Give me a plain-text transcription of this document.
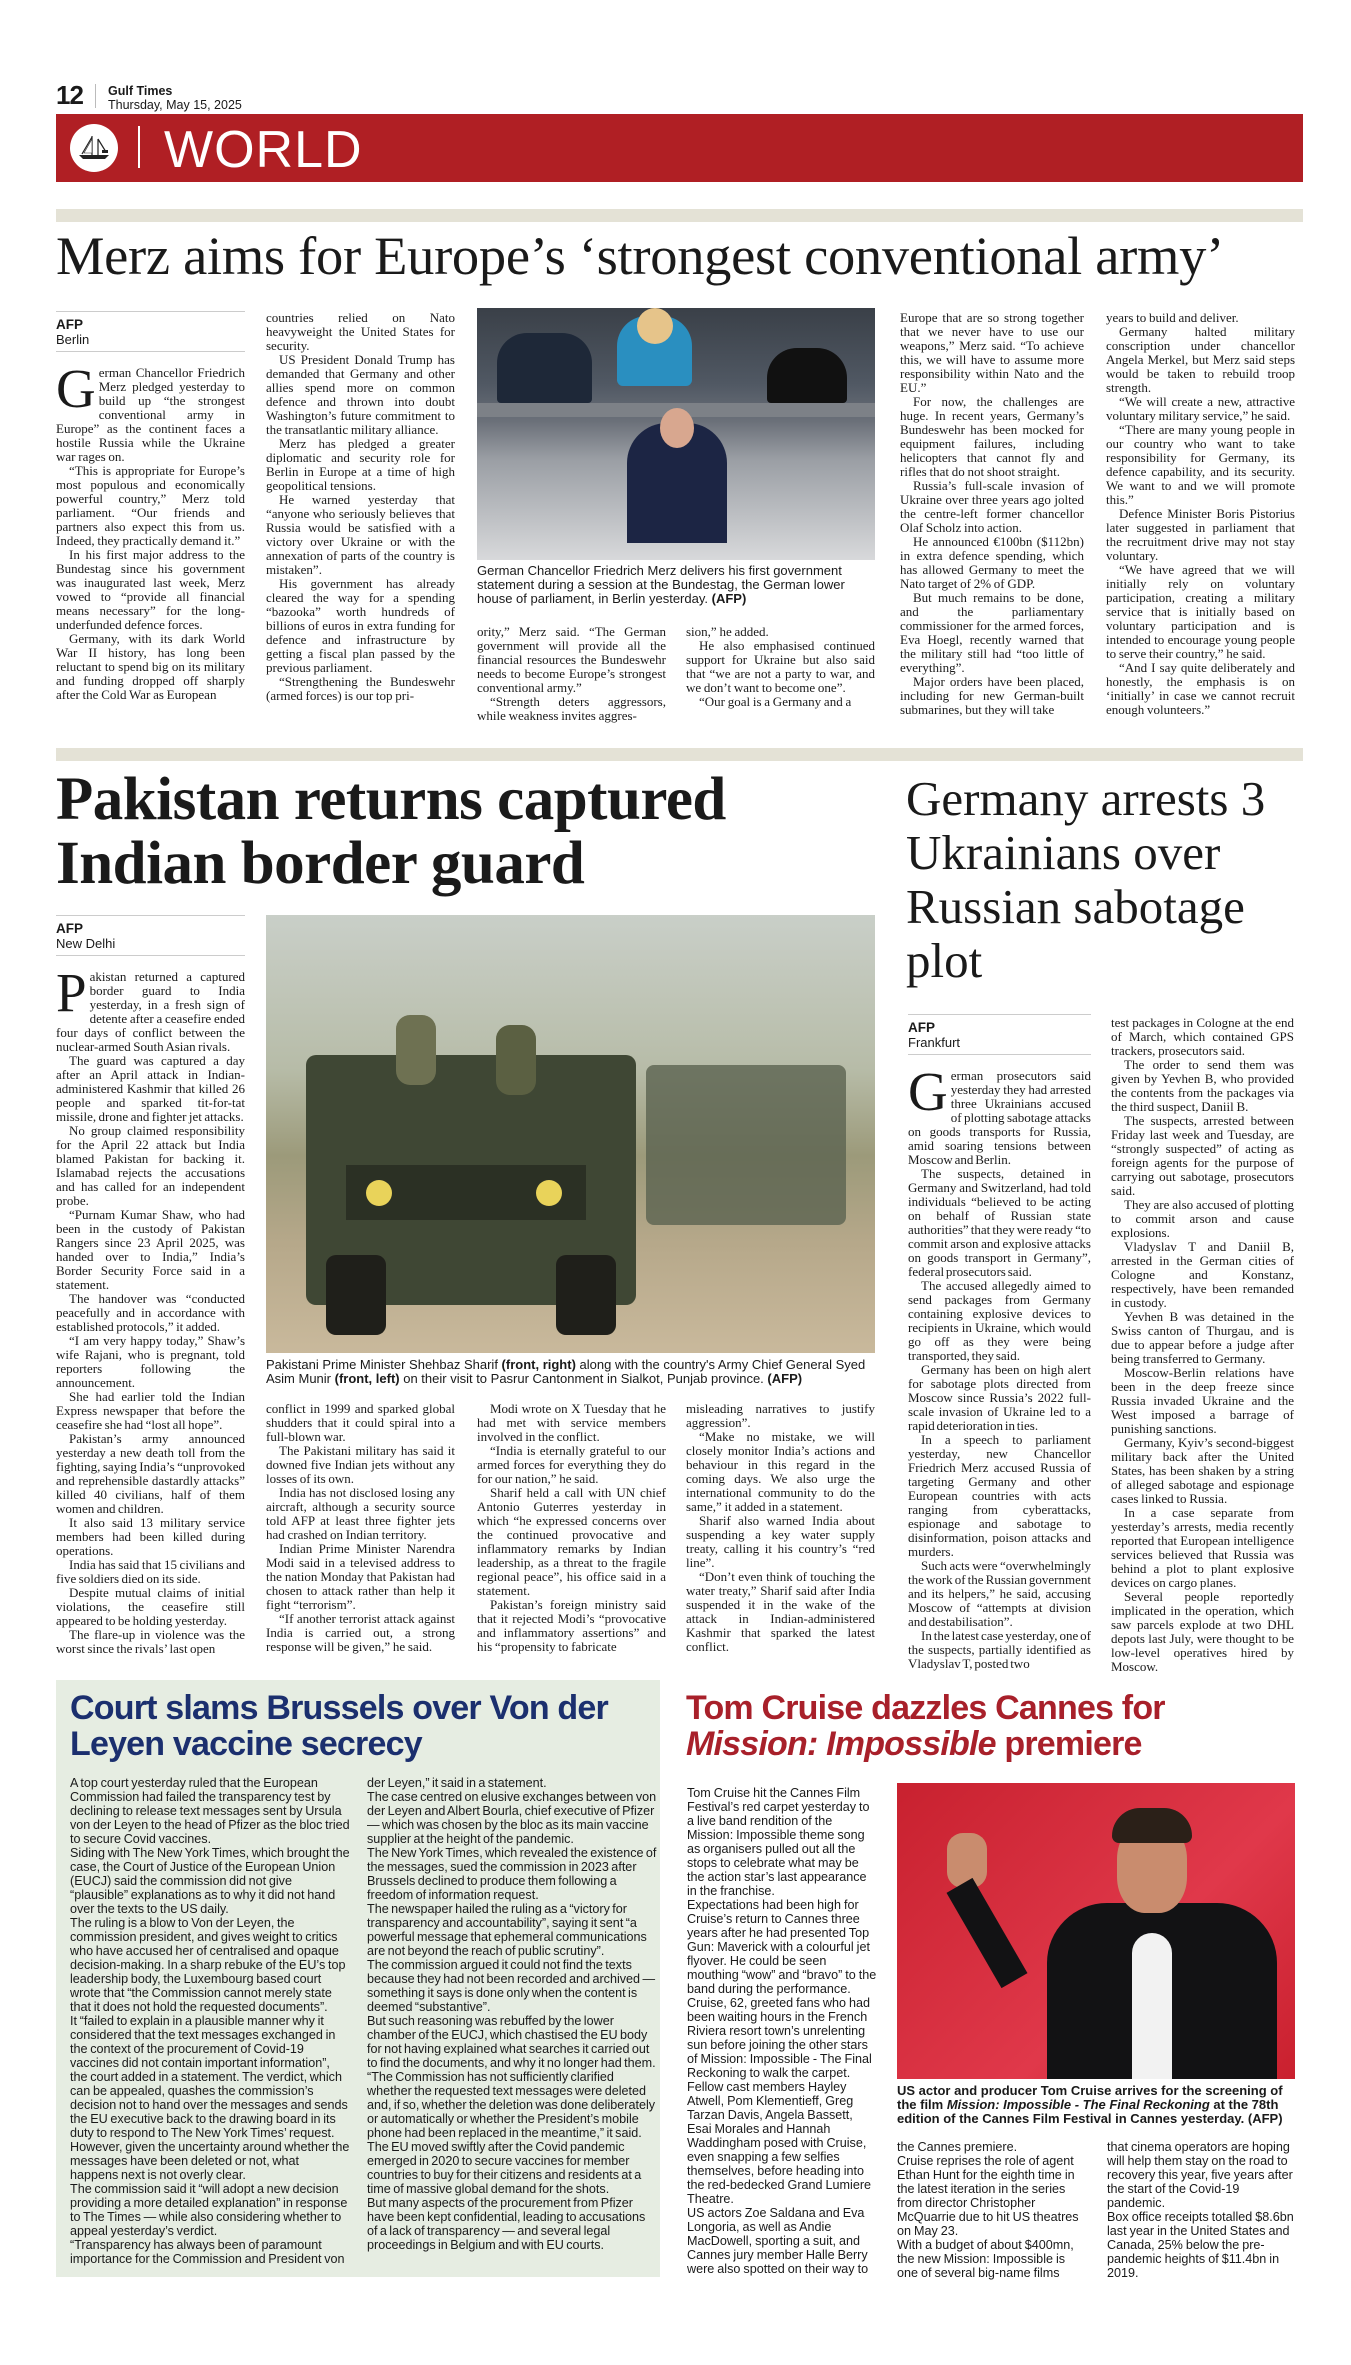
12 Gulf Times
Thursday, May 15, 2025
WORLD
Merz aims for Europe’s ‘strongest conventional army’
AFP
Berlin

German Chancellor Friedrich Merz pledged yesterday to build up “the strongest conventional army in Europe” as the continent faces a hostile Russia while the Ukraine war rages on.

“This is appropriate for Europe’s most populous and economically powerful country,” Merz told parliament. “Our friends and partners also expect this from us. Indeed, they practically demand it.”

In his first major address to the Bundestag since his government was inaugurated last week, Merz vowed to “provide all financial means necessary” for the long-underfunded defence forces.

Germany, with its dark World War II history, has long been reluctant to spend big on its military and funding dropped off sharply after the Cold War as European

countries relied on Nato heavyweight the United States for security.

US President Donald Trump has demanded that Germany and other allies spend more on common defence and thrown into doubt Washington’s future commitment to the transatlantic military alliance.

Merz has pledged a greater diplomatic and security role for Berlin in Europe at a time of high geopolitical tensions.

He warned yesterday that “anyone who seriously believes that Russia would be satisfied with a victory over Ukraine or with the annexation of parts of the country is mistaken”.

His government has already cleared the way for a spending “bazooka” worth hundreds of billions of euros in extra funding for defence and infrastructure by getting a fiscal plan passed by the previous parliament.

“Strengthening the Bundeswehr (armed forces) is our top pri-

German Chancellor Friedrich Merz delivers his first government statement during a session at the Bundestag, the German lower house of parliament, in Berlin yesterday. (AFP)

ority,” Merz said. “The German government will provide all the financial resources the Bundeswehr needs to become Europe’s strongest conventional army.”

“Strength deters aggressors, while weakness invites aggres-

sion,” he added.

He also emphasised continued support for Ukraine but also said that “we are not a party to war, and we don’t want to become one”.

“Our goal is a Germany and a

Europe that are so strong together that we never have to use our weapons,” Merz said. “To achieve this, we will have to assume more responsibility within Nato and the EU.”

For now, the challenges are huge. In recent years, Germany’s Bundeswehr has been mocked for equipment failures, including helicopters that cannot fly and rifles that do not shoot straight.

Russia’s full-scale invasion of Ukraine over three years ago jolted the centre-left former chancellor Olaf Scholz into action.

He announced €100bn ($112bn) in extra defence spending, which has allowed Germany to meet the Nato target of 2% of GDP.

But much remains to be done, and the parliamentary commissioner for the armed forces, Eva Hoegl, recently warned that the military still had “too little of everything”.

Major orders have been placed, including for new German-built submarines, but they will take

years to build and deliver.

Germany halted military conscription under chancellor Angela Merkel, but Merz said steps would be taken to rebuild troop strength.

“We will create a new, attractive voluntary military service,” he said.

“There are many young people in our country who want to take responsibility for Germany, its defence capability, and its security. We want to and we will promote this.”

Defence Minister Boris Pistorius later suggested in parliament that the recruitment drive may not stay voluntary.

“We have agreed that we will initially rely on voluntary participation, creating a military service that is initially based on voluntary participation and is intended to encourage young people to serve their country,” he said.

“And I say quite deliberately and honestly, the emphasis is on ‘initially’ in case we cannot recruit enough volunteers.”

Pakistan returns captured Indian border guard
AFP
New Delhi

Pakistan returned a captured border guard to India yesterday, in a fresh sign of detente after a ceasefire ended four days of conflict between the nuclear-armed South Asian rivals.

The guard was captured a day after an April attack in Indian-administered Kashmir that killed 26 people and sparked tit-for-tat missile, drone and fighter jet attacks.

No group claimed responsibility for the April 22 attack but India blamed Pakistan for backing it. Islamabad rejects the accusations and has called for an independent probe.

“Purnam Kumar Shaw, who had been in the custody of Pakistan Rangers since 23 April 2025, was handed over to India,” India’s Border Security Force said in a statement.

The handover was “conducted peacefully and in accordance with established protocols,” it added.

“I am very happy today,” Shaw’s wife Rajani, who is pregnant, told reporters following the announcement.

She had earlier told the Indian Express newspaper that before the ceasefire she had “lost all hope”.

Pakistan’s army announced yesterday a new death toll from the fighting, saying India’s “unprovoked and reprehensible dastardly attacks” killed 40 civilians, half of them women and children.

It also said 13 military service members had been killed during operations.

India has said that 15 civilians and five soldiers died on its side.

Despite mutual claims of initial violations, the ceasefire still appeared to be holding yesterday.

The flare-up in violence was the worst since the rivals’ last open

Pakistani Prime Minister Shehbaz Sharif (front, right) along with the country's Army Chief General Syed Asim Munir (front, left) on their visit to Pasrur Cantonment in Sialkot, Punjab province. (AFP)

conflict in 1999 and sparked global shudders that it could spiral into a full-blown war.

The Pakistani military has said it downed five Indian jets without any losses of its own.

India has not disclosed losing any aircraft, although a security source told AFP at least three fighter jets had crashed on Indian territory.

Indian Prime Minister Narendra Modi said in a televised address to the nation Monday that Pakistan had chosen to attack rather than help it fight “terrorism”.

“If another terrorist attack against India is carried out, a strong response will be given,” he said.

Modi wrote on X Tuesday that he had met with service members involved in the conflict.

“India is eternally grateful to our armed forces for everything they do for our nation,” he said.

Sharif held a call with UN chief Antonio Guterres yesterday in which “he expressed concerns over the continued provocative and inflammatory remarks by Indian leadership, as a threat to the fragile regional peace”, his office said in a statement.

Pakistan’s foreign ministry said that it rejected Modi’s “provocative and inflammatory assertions” and his “propensity to fabricate

misleading narratives to justify aggression”.

“Make no mistake, we will closely monitor India’s actions and behaviour in this regard in the coming days. We also urge the international community to do the same,” it added in a statement.

Sharif also warned India about suspending a key water supply treaty, calling it his country’s “red line”.

“Don’t even think of touching the water treaty,” Sharif said after India suspended it in the wake of the attack in Indian-administered Kashmir that sparked the latest conflict.

Germany arrests 3 Ukrainians over Russian sabotage plot
AFP
Frankfurt

German prosecutors said yesterday they had arrested three Ukrainians accused of plotting sabotage attacks on goods transports for Russia, amid soaring tensions between Moscow and Berlin.

The suspects, detained in Germany and Switzerland, had told individuals “believed to be acting on behalf of Russian state authorities” that they were ready “to commit arson and explosive attacks on goods transport in Germany”, federal prosecutors said.

The accused allegedly aimed to send packages from Germany containing explosive devices to recipients in Ukraine, which would go off as they were being transported, they said.

Germany has been on high alert for sabotage plots directed from Moscow since Russia’s 2022 full-scale invasion of Ukraine led to a rapid deterioration in ties.

In a speech to parliament yesterday, new Chancellor Friedrich Merz accused Russia of targeting Germany and other European countries with acts ranging from cyberattacks, espionage and sabotage to disinformation, poison attacks and murders.

Such acts were “overwhelmingly the work of the Russian government and its helpers,” he said, accusing Moscow of “attempts at division and destabilisation”.

In the latest case yesterday, one of the suspects, partially identified as Vladyslav T, posted two

test packages in Cologne at the end of March, which contained GPS trackers, prosecutors said.

The order to send them was given by Yevhen B, who provided the contents from the packages via the third suspect, Daniil B.

The suspects, arrested between Friday last week and Tuesday, are “strongly suspected” of acting as foreign agents for the purpose of carrying out sabotage, prosecutors said.

They are also accused of plotting to commit arson and cause explosions.

Vladyslav T and Daniil B, arrested in the German cities of Cologne and Konstanz, respectively, have been remanded in custody.

Yevhen B was detained in the Swiss canton of Thurgau, and is due to appear before a judge after being transferred to Germany.

Moscow-Berlin relations have been in the deep freeze since Russia invaded Ukraine and the West imposed a barrage of punishing sanctions.

Germany, Kyiv’s second-biggest military back after the United States, has been shaken by a string of alleged sabotage and espionage cases linked to Russia.

In a case separate from yesterday’s arrests, media recently reported that European intelligence services believed that Russia was behind a plot to plant explosive devices on cargo planes.

Several people reportedly implicated in the operation, which saw parcels explode at two DHL depots last July, were thought to be low-level operatives hired by Moscow.

Court slams Brussels over Von der Leyen vaccine secrecy

A top court yesterday ruled that the European Commission had failed the transparency test by declining to release text messages sent by Ursula von der Leyen to the head of Pfizer as the bloc tried to secure Covid vaccines.

Siding with The New York Times, which brought the case, the Court of Justice of the European Union (EUCJ) said the commission did not give “plausible” explanations as to why it did not hand over the texts to the US daily.

The ruling is a blow to Von der Leyen, the commission president, and gives weight to critics who have accused her of centralised and opaque decision-making. In a sharp rebuke of the EU’s top leadership body, the Luxembourg based court wrote that “the Commission cannot merely state that it does not hold the requested documents”.

It “failed to explain in a plausible manner why it considered that the text messages exchanged in the context of the procurement of Covid-19 vaccines did not contain important information”, the court added in a statement. The verdict, which can be appealed, quashes the commission’s decision not to hand over the messages and sends the EU executive back to the drawing board in its duty to respond to The New York Times’ request.

However, given the uncertainty around whether the messages have been deleted or not, what happens next is not overly clear.

The commission said it “will adopt a new decision providing a more detailed explanation” in response to The Times — while also considering whether to appeal yesterday’s verdict.

“Transparency has always been of paramount importance for the Commission and President von

der Leyen,” it said in a statement.

The case centred on elusive exchanges between von der Leyen and Albert Bourla, chief executive of Pfizer — which was chosen by the bloc as its main vaccine supplier at the height of the pandemic.

The New York Times, which revealed the existence of the messages, sued the commission in 2023 after Brussels declined to produce them following a freedom of information request.

The newspaper hailed the ruling as a “victory for transparency and accountability”, saying it sent “a powerful message that ephemeral communications are not beyond the reach of public scrutiny”.

The commission argued it could not find the texts because they had not been recorded and archived — something it says is done only when the content is deemed “substantive”.

But such reasoning was rebuffed by the lower chamber of the EUCJ, which chastised the EU body for not having explained what searches it carried out to find the documents, and why it no longer had them.

“The Commission has not sufficiently clarified whether the requested text messages were deleted and, if so, whether the deletion was done deliberately or automatically or whether the President’s mobile phone had been replaced in the meantime,” it said.

The EU moved swiftly after the Covid pandemic emerged in 2020 to secure vaccines for member countries to buy for their citizens and residents at a time of massive global demand for the shots.

But many aspects of the procurement from Pfizer have been kept confidential, leading to accusations of a lack of transparency — and several legal proceedings in Belgium and with EU courts.

Tom Cruise dazzles Cannes for Mission: Impossible premiere

Tom Cruise hit the Cannes Film Festival’s red carpet yesterday to a live band rendition of the Mission: Impossible theme song as organisers pulled out all the stops to celebrate what may be the action star’s last appearance in the franchise.

Expectations had been high for Cruise’s return to Cannes three years after he had presented Top Gun: Maverick with a colourful jet flyover. He could be seen mouthing “wow” and “bravo” to the band during the performance.

Cruise, 62, greeted fans who had been waiting hours in the French Riviera resort town’s unrelenting sun before joining the other stars of Mission: Impossible - The Final Reckoning to walk the carpet.

Fellow cast members Hayley Atwell, Pom Klementieff, Greg Tarzan Davis, Angela Bassett, Esai Morales and Hannah Waddingham posed with Cruise, even snapping a few selfies themselves, before heading into the red-bedecked Grand Lumiere Theatre.

US actors Zoe Saldana and Eva Longoria, as well as Andie MacDowell, sporting a suit, and Cannes jury member Halle Berry were also spotted on their way to

US actor and producer Tom Cruise arrives for the screening of the film Mission: Impossible - The Final Reckoning at the 78th edition of the Cannes Film Festival in Cannes yesterday. (AFP)

the Cannes premiere.

Cruise reprises the role of agent Ethan Hunt for the eighth time in the latest iteration in the series from director Christopher McQuarrie due to hit US theatres on May 23.

With a budget of about $400mn, the new Mission: Impossible is one of several big-name films

that cinema operators are hoping will help them stay on the road to recovery this year, five years after the start of the Covid-19 pandemic.

Box office receipts totalled $8.6bn last year in the United States and Canada, 25% below the pre-pandemic heights of $11.4bn in 2019.
